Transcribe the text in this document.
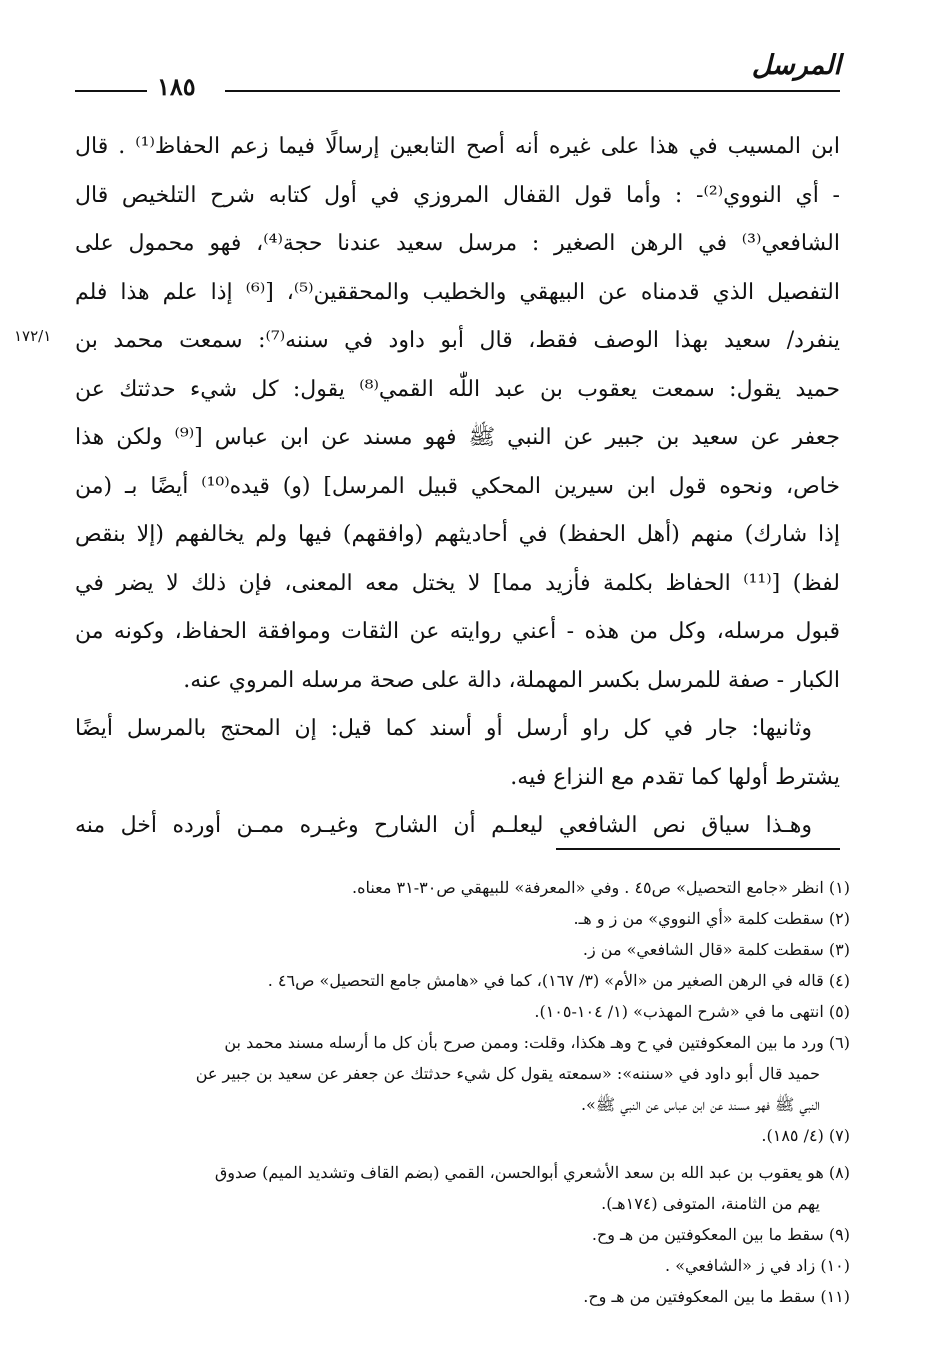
المرسل
١٨٥
١٧٢/١
ابن المسيب في هذا على غيره أنه أصح التابعين إرسالًا فيما زعم الحفاظ⁽¹⁾ . قال
- أي النووي⁽²⁾- : وأما قول القفال المروزي في أول كتابه شرح التلخيص قال
الشافعي⁽³⁾ في الرهن الصغير : مرسل سعيد عندنا حجة⁽⁴⁾، فهو محمول على
التفصيل الذي قدمناه عن البيهقي والخطيب والمحققين⁽⁵⁾، [⁽⁶⁾ إذا علم هذا فلم
ينفرد/ سعيد بهذا الوصف فقط، قال أبو داود في سننه⁽⁷⁾: سمعت محمد بن
حميد يقول: سمعت يعقوب بن عبد اللّٰه القمي⁽⁸⁾ يقول: كل شيء حدثتك عن
جعفر عن سعيد بن جبير عن النبي ﷺ فهو مسند عن ابن عباس [⁽⁹⁾ ولكن هذا
خاص، ونحوه قول ابن سيرين المحكي قبيل المرسل] (و) قيده⁽¹⁰⁾ أيضًا بـ (من
إذا شارك) منهم (أهل الحفظ) في أحاديثهم (وافقهم) فيها ولم يخالفهم (إلا بنقص
لفظ) [⁽¹¹⁾ الحفاظ بكلمة فأزيد مما] لا يختل معه المعنى، فإن ذلك لا يضر في
قبول مرسله، وكل من هذه - أعني روايته عن الثقات وموافقة الحفاظ، وكونه من
الكبار - صفة للمرسل بكسر المهملة، دالة على صحة مرسله المروي عنه.
وثانيها: جار في كل راو أرسل أو أسند كما قيل: إن المحتج بالمرسل أيضًا
يشترط أولها كما تقدم مع النزاع فيه.
وهـذا سياق نص الشافعي ليعلـم أن الشارح وغيـره ممـن أورده أخل منه
(١) انظر «جامع التحصيل» ص٤٥ . وفي «المعرفة» للبيهقي ص٣٠-٣١ معناه.
(٢) سقطت كلمة «أي النووي» من ز و هـ.
(٣) سقطت كلمة «قال الشافعي» من ز.
(٤) قاله في الرهن الصغير من «الأم» (٣/ ١٦٧)، كما في «هامش جامع التحصيل» ص٤٦ .
(٥) انتهى ما في «شرح المهذب» (١/ ١٠٤-١٠٥).
(٦) ورد ما بين المعكوفتين في ح وهـ هكذا، وقلت: وممن صرح بأن كل ما أرسله مسند محمد بن
حميد قال أبو داود في «سننه»: «سمعته يقول كل شيء حدثتك عن جعفر عن سعيد بن جبير عن
النبي ﷺ فهو مسند عن ابن عباس عن النبي ﷺ».
(٧) (٤/ ١٨٥).
(٨) هو يعقوب بن عبد الله بن سعد الأشعري أبوالحسن، القمي (بضم القاف وتشديد الميم) صدوق
يهم من الثامنة، المتوفى (١٧٤هـ).
(٩) سقط ما بين المعكوفتين من هـ وح.
(١٠) زاد في ز «الشافعي» .
(١١) سقط ما بين المعكوفتين من هـ وح.
